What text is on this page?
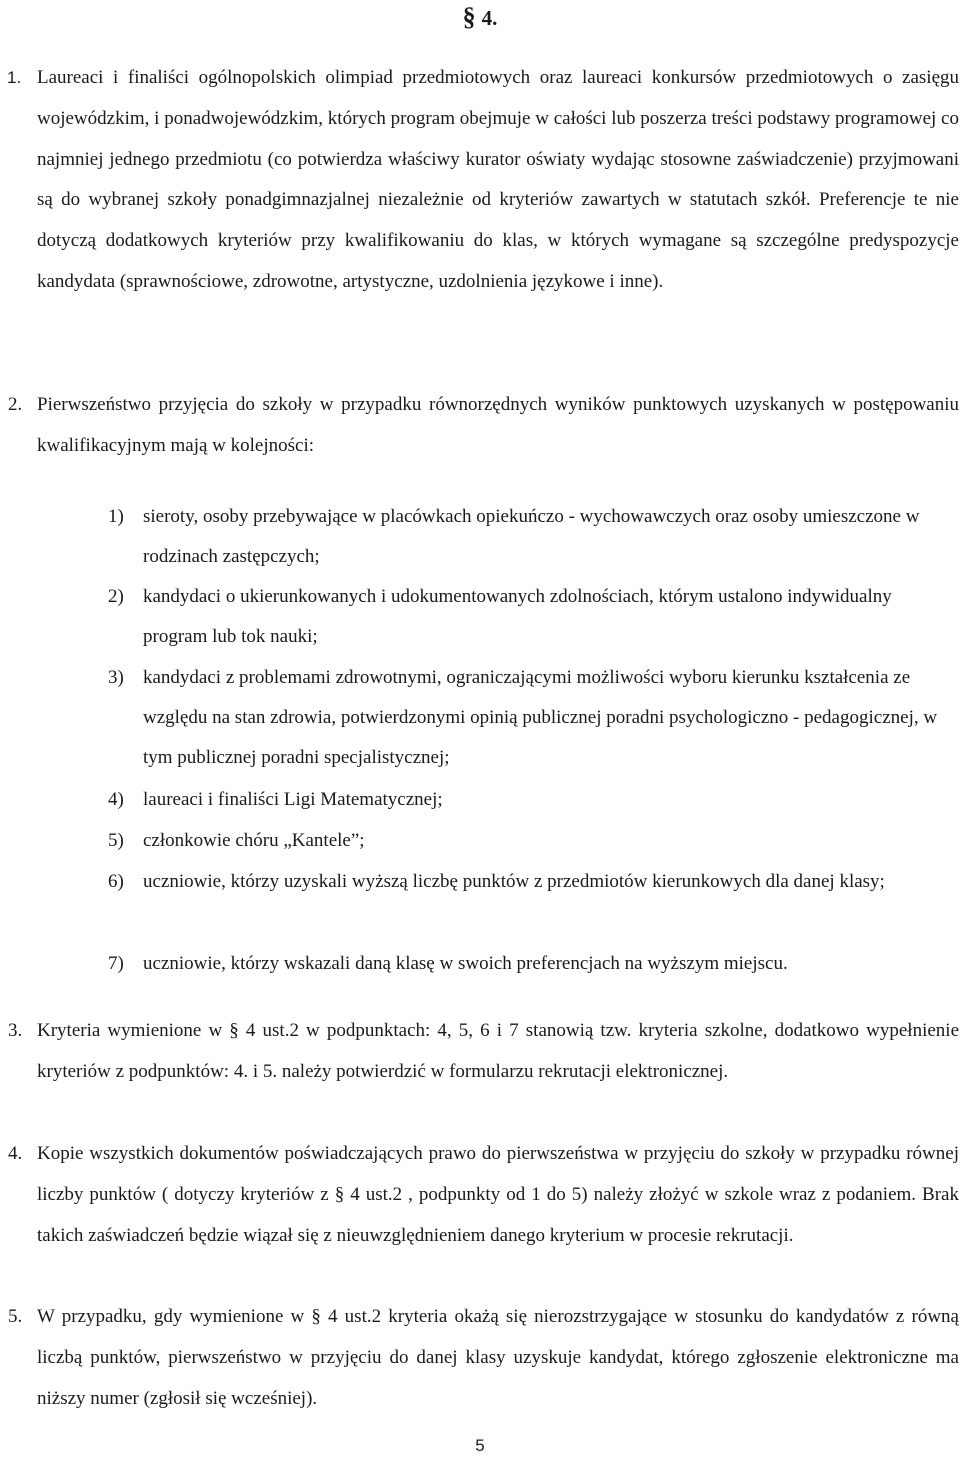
§ 4.
1. Laureaci i finaliści ogólnopolskich olimpiad przedmiotowych oraz laureaci konkursów przedmiotowych o zasięgu wojewódzkim, i ponadwojewódzkim, których program obejmuje w całości lub poszerza treści podstawy programowej co najmniej jednego przedmiotu (co potwierdza właściwy kurator oświaty wydając stosowne zaświadczenie) przyjmowani są do wybranej szkoły ponadgimnazjalnej niezależnie od kryteriów zawartych w statutach szkół. Preferencje te nie dotyczą dodatkowych kryteriów przy kwalifikowaniu do klas, w których wymagane są szczególne predyspozycje kandydata (sprawnościowe, zdrowotne, artystyczne, uzdolnienia językowe i inne).
2. Pierwszeństwo przyjęcia do szkoły w przypadku równorzędnych wyników punktowych uzyskanych w postępowaniu kwalifikacyjnym mają w kolejności:
1) sieroty, osoby przebywające w placówkach opiekuńczo - wychowawczych oraz osoby umieszczone w rodzinach zastępczych;
2) kandydaci o ukierunkowanych i udokumentowanych zdolnościach, którym ustalono indywidualny program lub tok nauki;
3) kandydaci z problemami zdrowotnymi, ograniczającymi możliwości wyboru kierunku kształcenia ze względu na stan zdrowia, potwierdzonymi opinią publicznej poradni psychologiczno - pedagogicznej, w tym publicznej poradni specjalistycznej;
4) laureaci i finaliści Ligi Matematycznej;
5) członkowie chóru „Kantele”;
6) uczniowie, którzy uzyskali wyższą liczbę punktów z przedmiotów kierunkowych dla danej klasy;
7) uczniowie, którzy wskazali daną klasę w swoich preferencjach na wyższym miejscu.
3. Kryteria wymienione w § 4 ust.2 w podpunktach: 4, 5, 6 i 7 stanowią tzw. kryteria szkolne, dodatkowo wypełnienie kryteriów z podpunktów: 4. i 5. należy potwierdzić w formularzu rekrutacji elektronicznej.
4. Kopie wszystkich dokumentów poświadczających prawo do pierwszeństwa w przyjęciu do szkoły w przypadku równej liczby punktów ( dotyczy kryteriów z § 4 ust.2 , podpunkty od 1 do 5) należy złożyć w szkole wraz z podaniem. Brak takich zaświadczeń będzie wiązał się z nieuwzględnieniem danego kryterium w procesie rekrutacji.
5. W przypadku, gdy wymienione w § 4 ust.2 kryteria okażą się nierozstrzygające w stosunku do kandydatów z równą liczbą punktów, pierwszeństwo w przyjęciu do danej klasy uzyskuje kandydat, którego zgłoszenie elektroniczne ma niższy numer (zgłosił się wcześniej).
5
